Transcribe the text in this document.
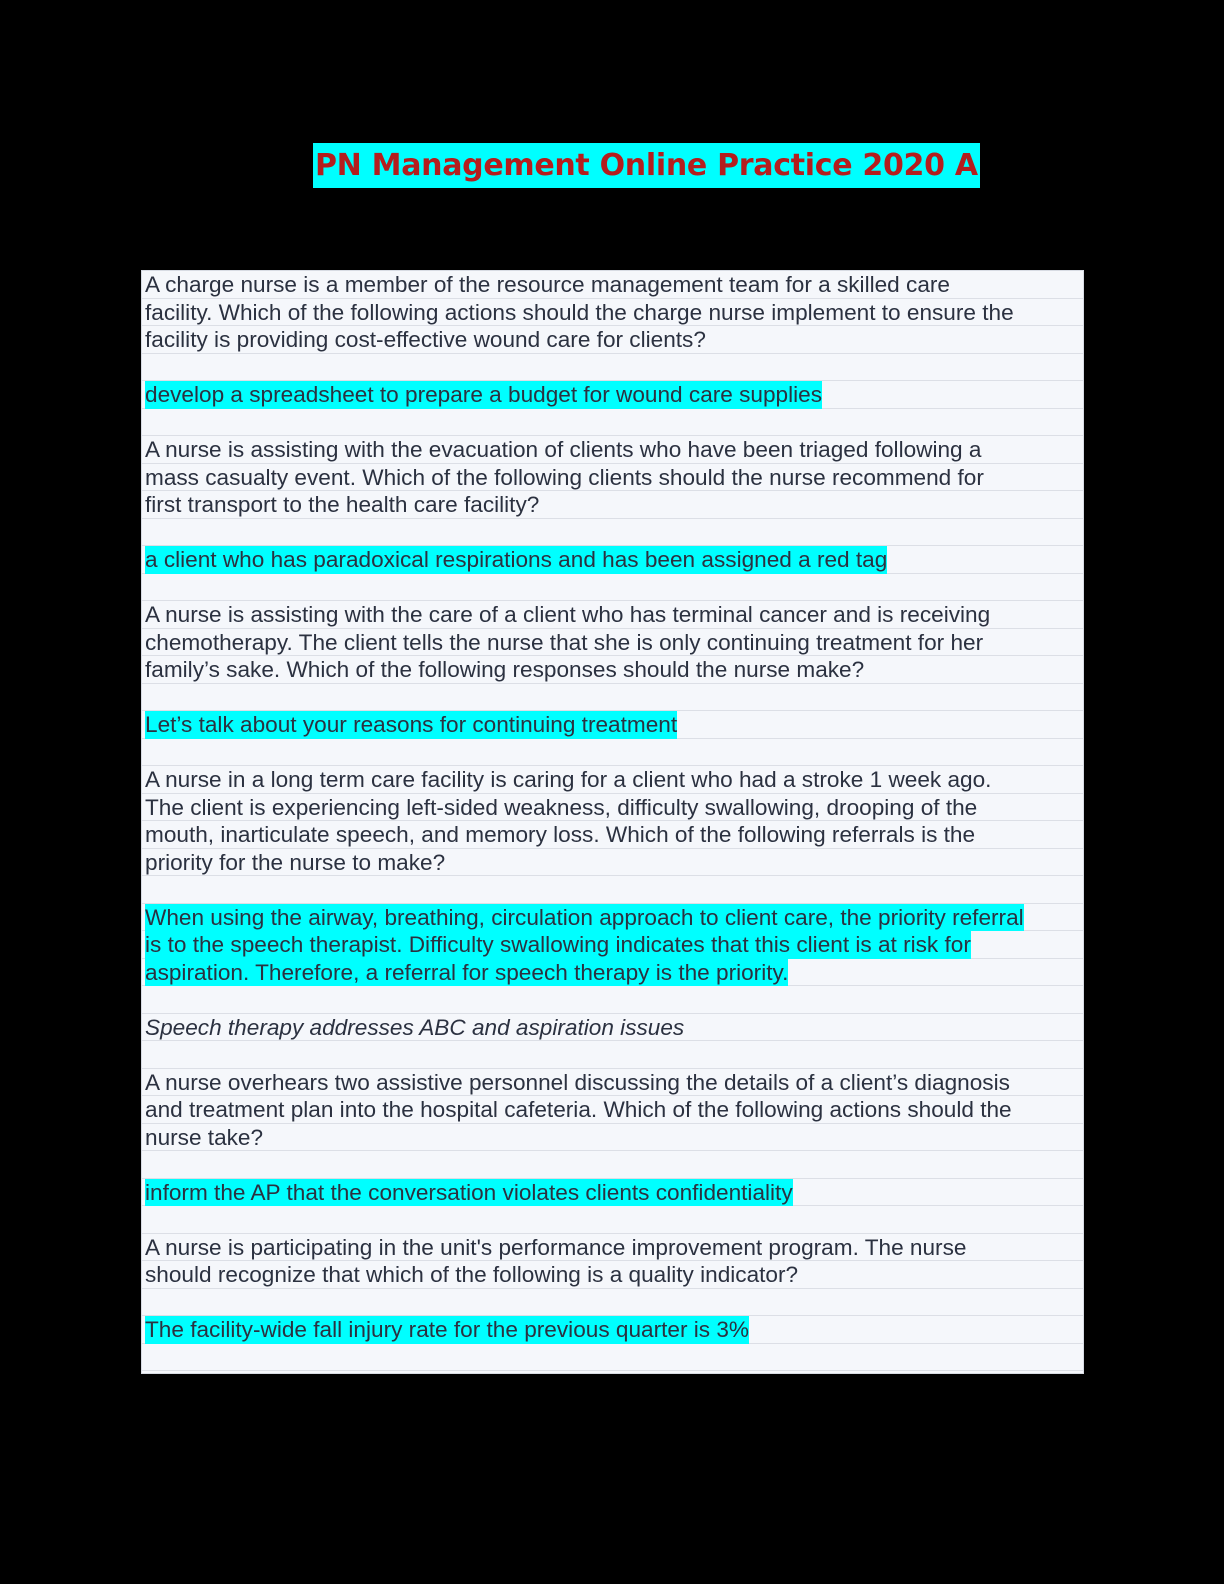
PN Management Online Practice 2020 A
A charge nurse is a member of the resource management team for a skilled care
facility. Which of the following actions should the charge nurse implement to ensure the
facility is providing cost-effective wound care for clients?
develop a spreadsheet to prepare a budget for wound care supplies
A nurse is assisting with the evacuation of clients who have been triaged following a
mass casualty event. Which of the following clients should the nurse recommend for
first transport to the health care facility?
a client who has paradoxical respirations and has been assigned a red tag
A nurse is assisting with the care of a client who has terminal cancer and is receiving
chemotherapy. The client tells the nurse that she is only continuing treatment for her
family’s sake. Which of the following responses should the nurse make?
Let’s talk about your reasons for continuing treatment
A nurse in a long term care facility is caring for a client who had a stroke 1 week ago.
The client is experiencing left-sided weakness, difficulty swallowing, drooping of the
mouth, inarticulate speech, and memory loss. Which of the following referrals is the
priority for the nurse to make?
When using the airway, breathing, circulation approach to client care, the priority referral
is to the speech therapist. Difficulty swallowing indicates that this client is at risk for
aspiration. Therefore, a referral for speech therapy is the priority.
Speech therapy addresses ABC and aspiration issues
A nurse overhears two assistive personnel discussing the details of a client’s diagnosis
and treatment plan into the hospital cafeteria. Which of the following actions should the
nurse take?
inform the AP that the conversation violates clients confidentiality
A nurse is participating in the unit's performance improvement program. The nurse
should recognize that which of the following is a quality indicator?
The facility-wide fall injury rate for the previous quarter is 3%
